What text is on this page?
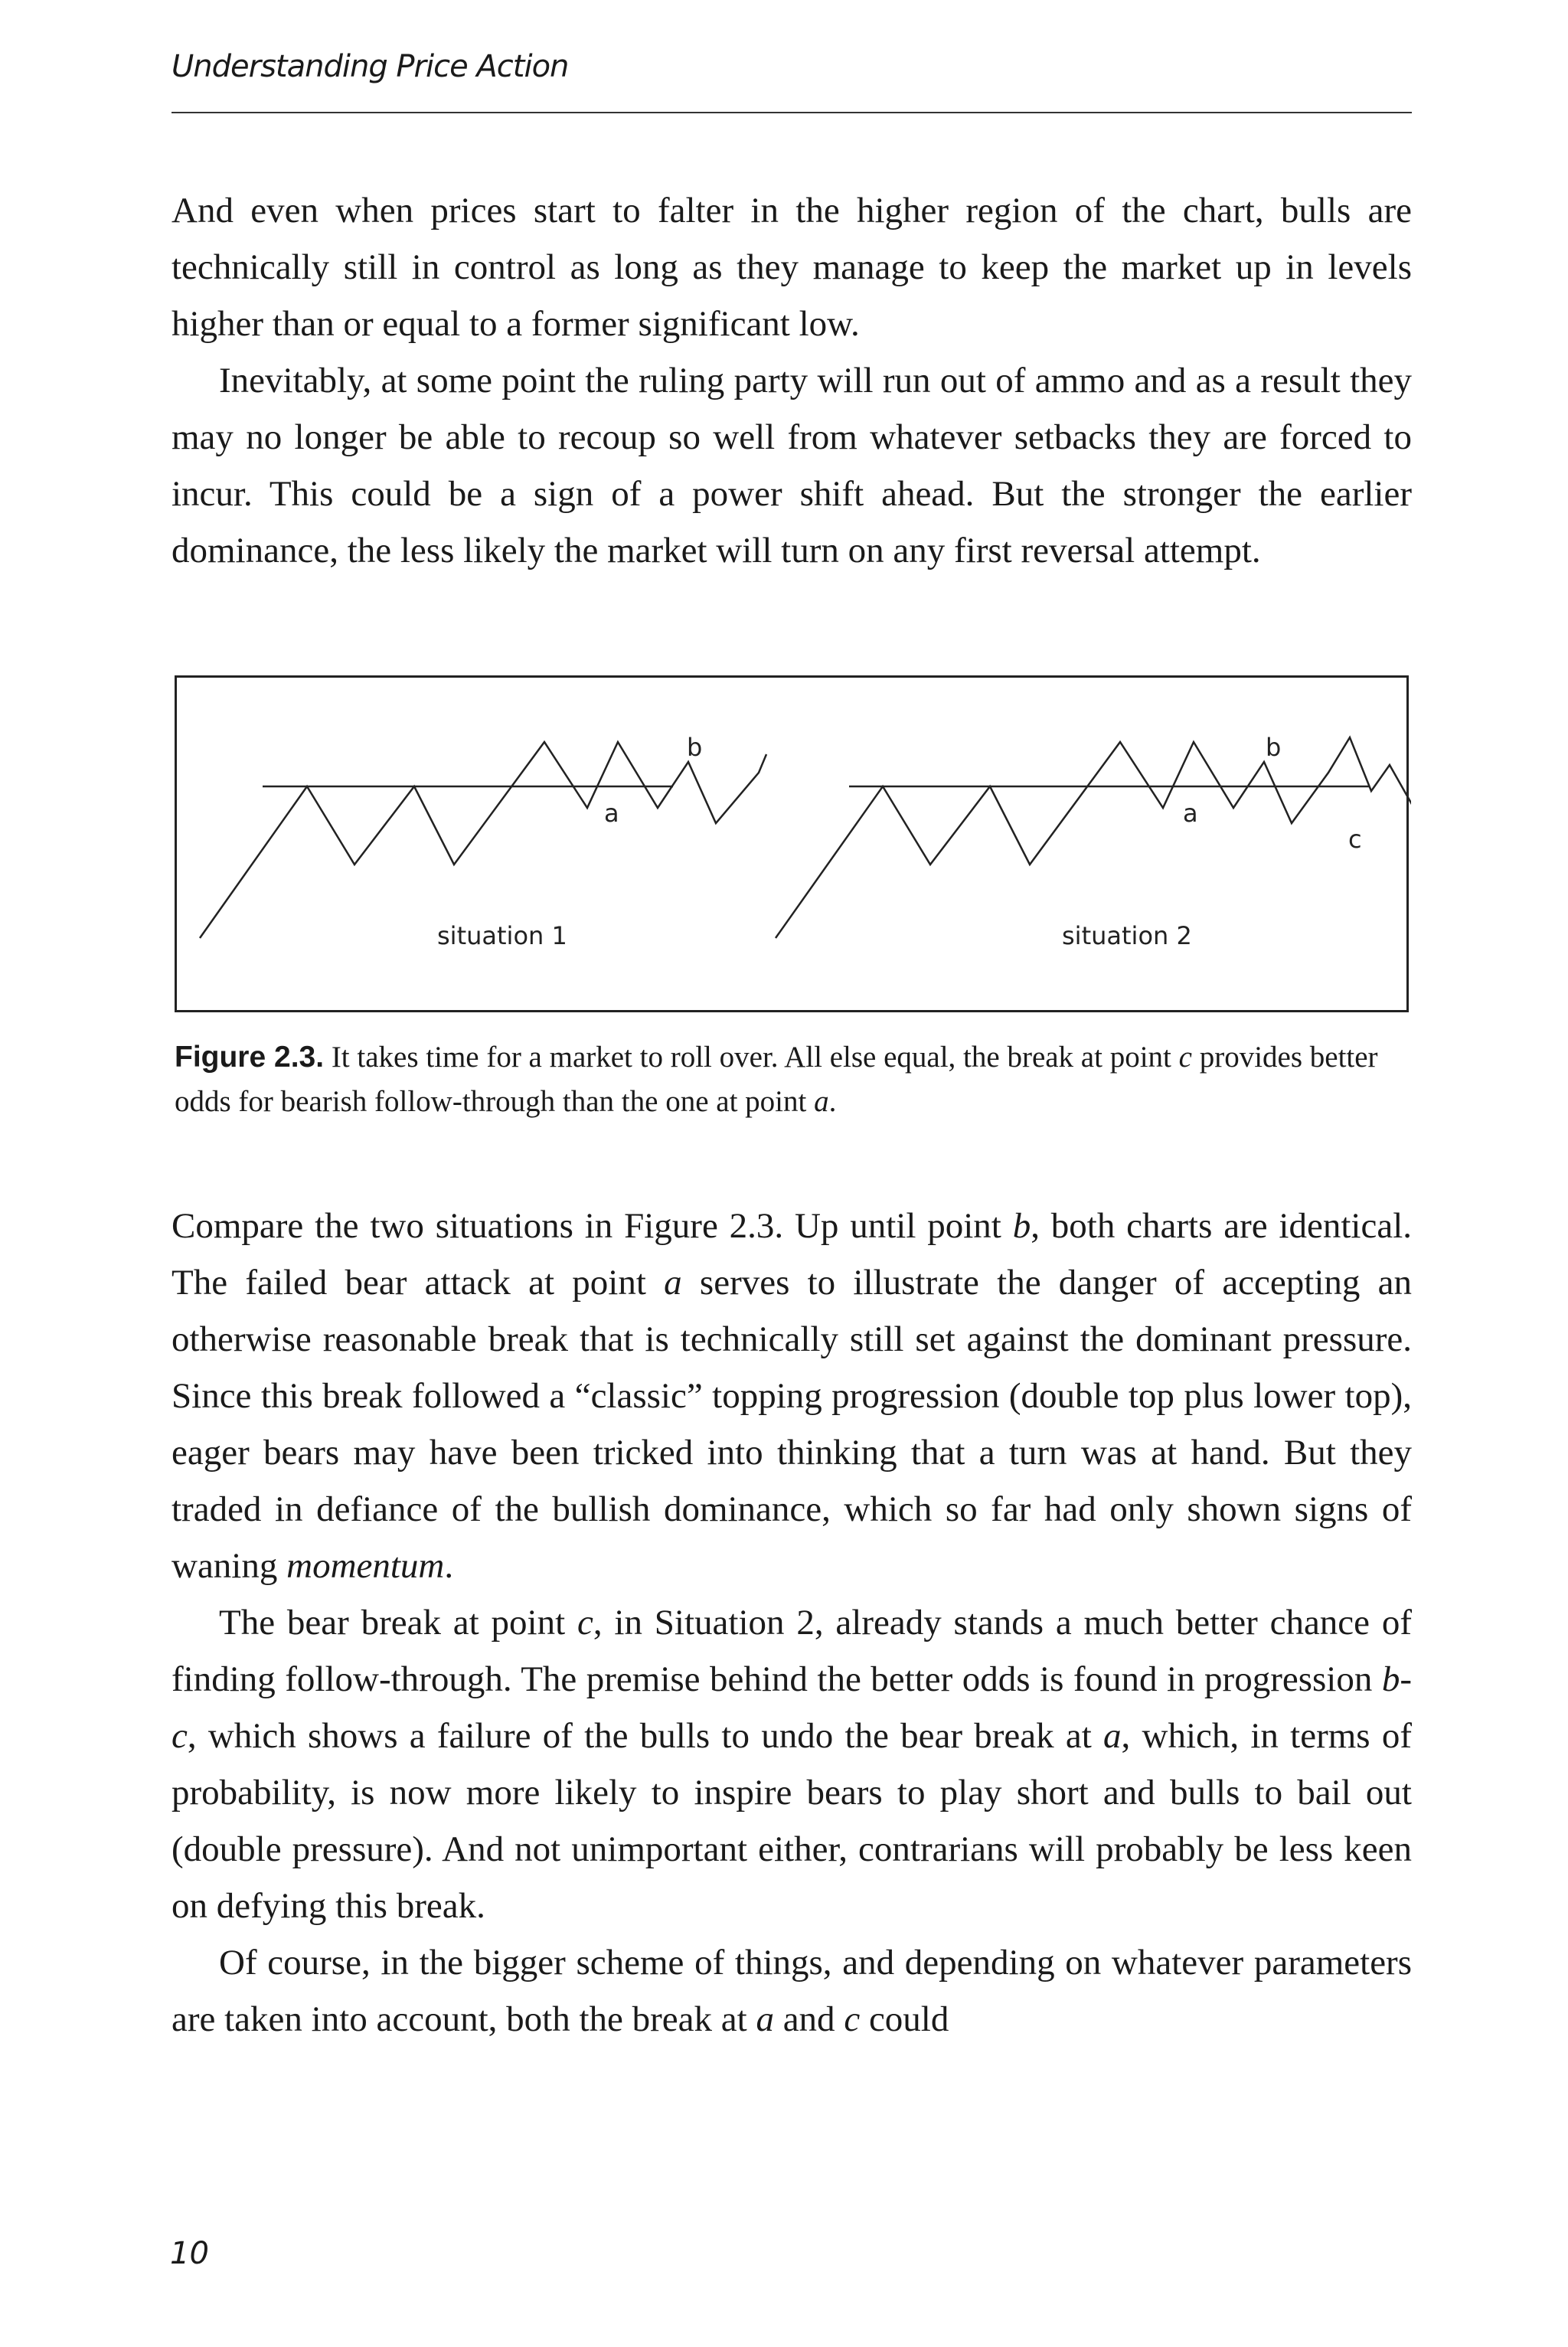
Understanding Price Action

And even when prices start to falter in the higher region of the chart, bulls are technically still in control as long as they manage to keep the market up in levels higher than or equal to a former significant low.

Inevitably, at some point the ruling party will run out of ammo and as a result they may no longer be able to recoup so well from whatever setbacks they are forced to incur. This could be a sign of a power shift ahead. But the stronger the earlier dominance, the less likely the market will turn on any first reversal attempt.

a
b
situation 1
a
b
c
situation 2
Figure 2.3. It takes time for a market to roll over. All else equal, the break at point c provides better odds for bearish follow-through than the one at point a.

Compare the two situations in Figure 2.3. Up until point b, both charts are identical. The failed bear attack at point a serves to illustrate the danger of accepting an otherwise reasonable break that is technically still set against the dominant pressure. Since this break followed a “classic” topping progression (double top plus lower top), eager bears may have been tricked into thinking that a turn was at hand. But they traded in defiance of the bullish dominance, which so far had only shown signs of waning momentum.

The bear break at point c, in Situation 2, already stands a much better chance of finding follow-through. The premise behind the better odds is found in progression b-c, which shows a failure of the bulls to undo the bear break at a, which, in terms of probability, is now more likely to inspire bears to play short and bulls to bail out (double pressure). And not unimportant either, contrarians will probably be less keen on defying this break.

Of course, in the bigger scheme of things, and depending on whatever parameters are taken into account, both the break at a and c could

10
